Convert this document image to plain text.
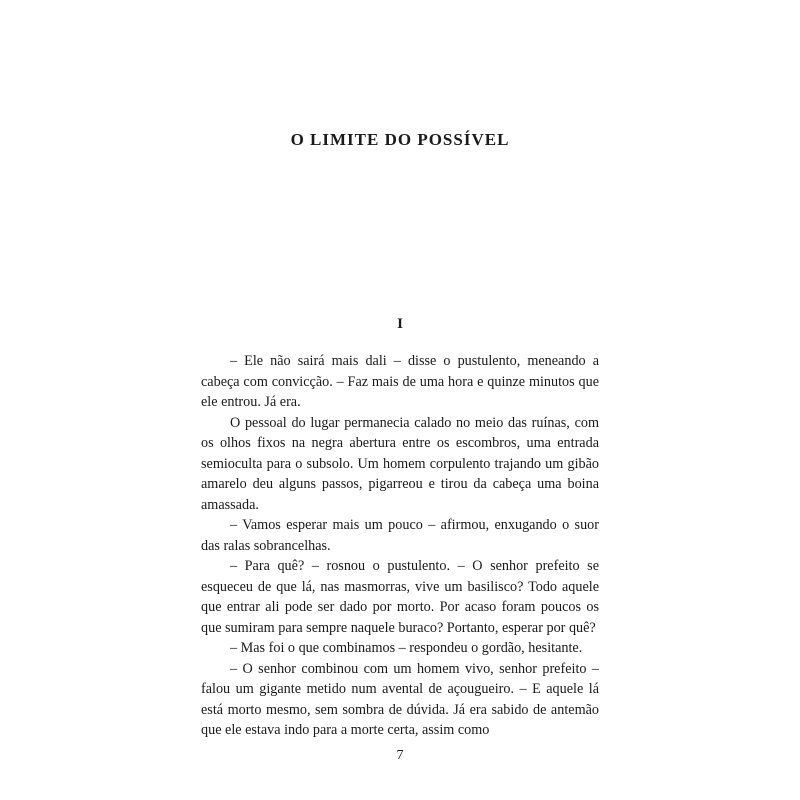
O LIMITE DO POSSÍVEL
I

– Ele não sairá mais dali – disse o pustulento, meneando a cabeça com convicção. – Faz mais de uma hora e quinze minutos que ele entrou. Já era.

O pessoal do lugar permanecia calado no meio das ruínas, com os olhos fixos na negra abertura entre os escombros, uma entrada semioculta para o subsolo. Um homem corpulento trajando um gibão amarelo deu alguns passos, pigarreou e tirou da cabeça uma boina amassada.

– Vamos esperar mais um pouco – afirmou, enxugando o suor das ralas sobrancelhas.

– Para quê? – rosnou o pustulento. – O senhor prefeito se esqueceu de que lá, nas masmorras, vive um basilisco? Todo aquele que entrar ali pode ser dado por morto. Por acaso foram poucos os que sumiram para sempre naquele buraco? Portanto, esperar por quê?

– Mas foi o que combinamos – respondeu o gordão, hesitante.

– O senhor combinou com um homem vivo, senhor prefeito – falou um gigante metido num avental de açougueiro. – E aquele lá está morto mesmo, sem sombra de dúvida. Já era sabido de antemão que ele estava indo para a morte certa, assim como

7
